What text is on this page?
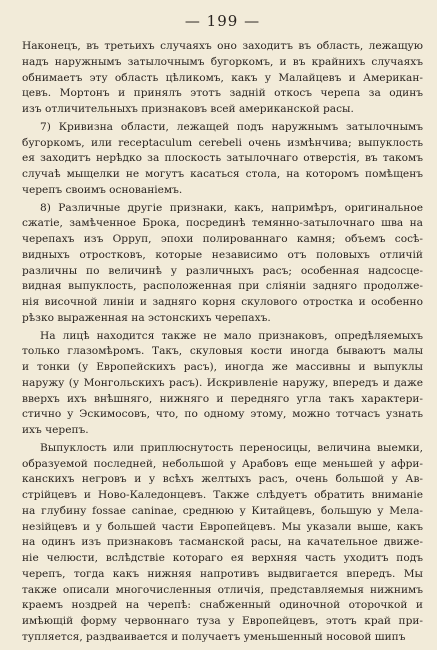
— 199 —
Наконецъ, въ третьихъ случаяхъ оно заходитъ въ область, лежащую
надъ наружнымъ затылочнымъ бугоркомъ, и въ крайнихъ случаяхъ
обнимаетъ эту область цѣликомъ, какъ у Малайцевъ и Американ-
цевъ. Мортонъ и принялъ этотъ задній откосъ черепа за одинъ
изъ отличительныхъ признаковъ всей американской расы.
7) Кривизна области, лежащей подъ наружнымъ затылочнымъ
бугоркомъ, или receptaculum cerebeli очень измѣнчива; выпуклость
ея заходитъ нерѣдко за плоскость затылочнаго отверстія, въ такомъ
случаѣ мыщелки не могутъ касаться стола, на которомъ помѣщенъ
черепъ своимъ основаніемъ.
8) Различные другіе признаки, какъ, напримѣръ, оригинальное
сжатіе, замѣченное Брока, посрединѣ темянно-затылочнаго шва на
черепахъ изъ Орруп, эпохи полированнаго камня; объемъ сосѣ-
видныхъ отростковъ, которые независимо отъ половыхъ отличій
различны по величинѣ у различныхъ расъ; особенная надсосце-
видная выпуклость, расположенная при сліяніи задняго продолже-
нія височной линіи и задняго корня скулового отростка и особенно
рѣзко выраженная на эстонскихъ черепахъ.
На лицѣ находится также не мало признаковъ, опредѣляемыхъ
только глазомѣромъ. Такъ, скуловыя кости иногда бываютъ малы
и тонки (у Европейскихъ расъ), иногда же массивны и выпуклы
наружу (у Монгольскихъ расъ). Искривленіе наружу, впередъ и даже
вверхъ ихъ внѣшняго, нижняго и передняго угла такъ характери-
стично у Эскимосовъ, что, по одному этому, можно тотчасъ узнать
ихъ черепъ.
Выпуклость или приплюснутость переносицы, величина выемки,
образуемой последней, небольшой у Арабовъ еще меньшей у афри-
канскихъ негровъ и у всѣхъ желтыхъ расъ, очень большой у Ав-
стрійцевъ и Ново-Каледонцевъ. Также слѣдуетъ обратить вниманіе
на глубину fossae caninae, среднюю у Китайцевъ, большую у Мела-
незійцевъ и у большей части Европейцевъ. Мы указали выше, какъ
на одинъ изъ признаковъ тасманской расы, на качательное движе-
ніе челюсти, вслѣдствіе котораго ея верхняя часть уходитъ подъ
черепъ, тогда какъ нижняя напротивъ выдвигается впередъ. Мы
также описали многочисленныя отличія, представляемыя нижнимъ
краемъ ноздрей на черепѣ: снабженный одиночной оторочкой и
имѣющій форму червоннаго туза у Европейцевъ, этотъ край при-
тупляется, раздваивается и получаетъ уменьшенный носовой шипъ
